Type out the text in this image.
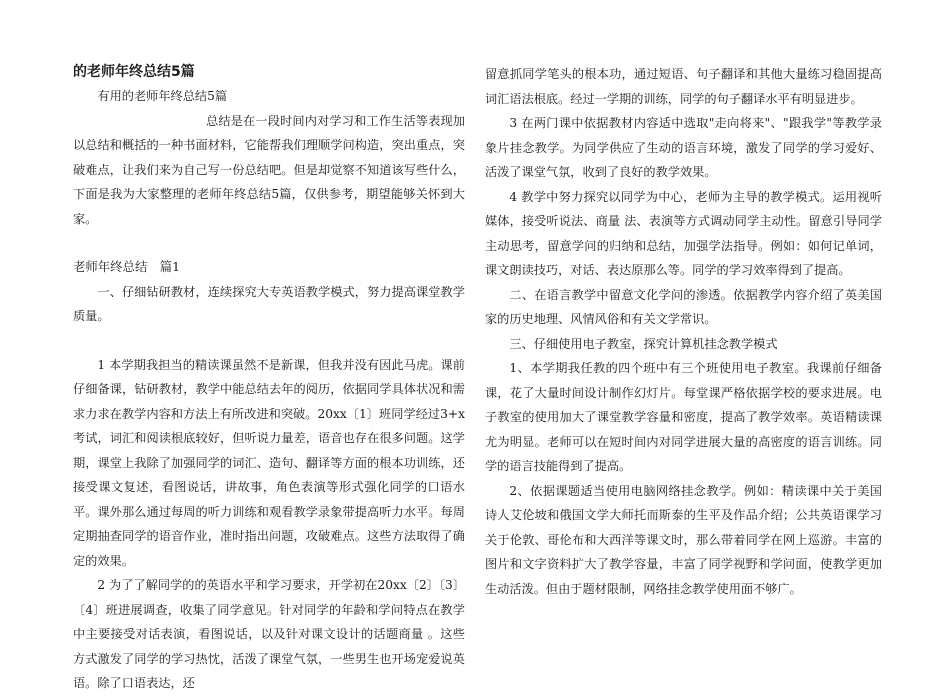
的老师年终总结5篇

有用的老师年终总结5篇

总结是在一段时间内对学习和工作生活等表现加以总结和概括的一种书面材料，它能帮我们理顺学问构造，突出重点，突破难点，让我们来为自己写一份总结吧。但是却觉察不知道该写些什么，下面是我为大家整理的老师年终总结5篇，仅供参考，期望能够关怀到大家。

老师年终总结　篇1

一、仔细钻研教材，连续探究大专英语教学模式，努力提高课堂教学质量。

1 本学期我担当的精读课虽然不是新课，但我并没有因此马虎。课前仔细备课，钻研教材，教学中能总结去年的阅历，依据同学具体状况和需求力求在教学内容和方法上有所改进和突破。20xx〔1〕班同学经过3+x考试，词汇和阅读根底较好，但听说力量差，语音也存在很多问题。这学期，课堂上我除了加强同学的词汇、造句、翻译等方面的根本功训练，还接受课文复述，看图说话，讲故事，角色表演等形式强化同学的口语水平。课外那么通过每周的听力训练和观看教学录象带提高听力水平。每周定期抽查同学的语音作业，准时指出问题，攻破难点。这些方法取得了确定的效果。

2 为了了解同学的的英语水平和学习要求，开学初在20xx〔2〕〔3〕〔4〕班进展调查，收集了同学意见。针对同学的年龄和学问特点在教学中主要接受对话表演，看图说话，以及针对课文设计的话题商量 。这些方式激发了同学的学习热忱，活泼了课堂气氛，一些男生也开场宠爱说英语。除了口语表达，还

留意抓同学笔头的根本功，通过短语、句子翻译和其他大量练习稳固提高词汇语法根底。经过一学期的训练，同学的句子翻译水平有明显进步。

3 在两门课中依据教材内容适中选取"走向将来"、"跟我学"等教学录象片挂念教学。为同学供应了生动的语言环境，激发了同学的学习爱好、活泼了课堂气氛，收到了良好的教学效果。

4 教学中努力探究以同学为中心，老师为主导的教学模式。运用视听媒体，接受听说法、商量 法、表演等方式调动同学主动性。留意引导同学主动思考，留意学问的归纳和总结，加强学法指导。例如：如何记单词，课文朗读技巧，对话、表达原那么等。同学的学习效率得到了提高。

二、在语言教学中留意文化学问的渗透。依据教学内容介绍了英美国家的历史地理、风情风俗和有关文学常识。

三、仔细使用电子教室，探究计算机挂念教学模式

1、本学期我任教的四个班中有三个班使用电子教室。我课前仔细备课，花了大量时间设计制作幻灯片。每堂课严格依据学校的要求进展。电子教室的使用加大了课堂教学容量和密度，提高了教学效率。英语精读课尤为明显。老师可以在短时间内对同学进展大量的高密度的语言训练。同学的语言技能得到了提高。

2、依据课题适当使用电脑网络挂念教学。例如：精读课中关于美国诗人艾伦坡和俄国文学大师托而斯泰的生平及作品介绍；公共英语课学习关于伦敦、哥伦布和大西洋等课文时，那么带着同学在网上巡游。丰富的图片和文字资料扩大了教学容量，丰富了同学视野和学问面，使教学更加生动活泼。但由于题材限制，网络挂念教学使用面不够广。
